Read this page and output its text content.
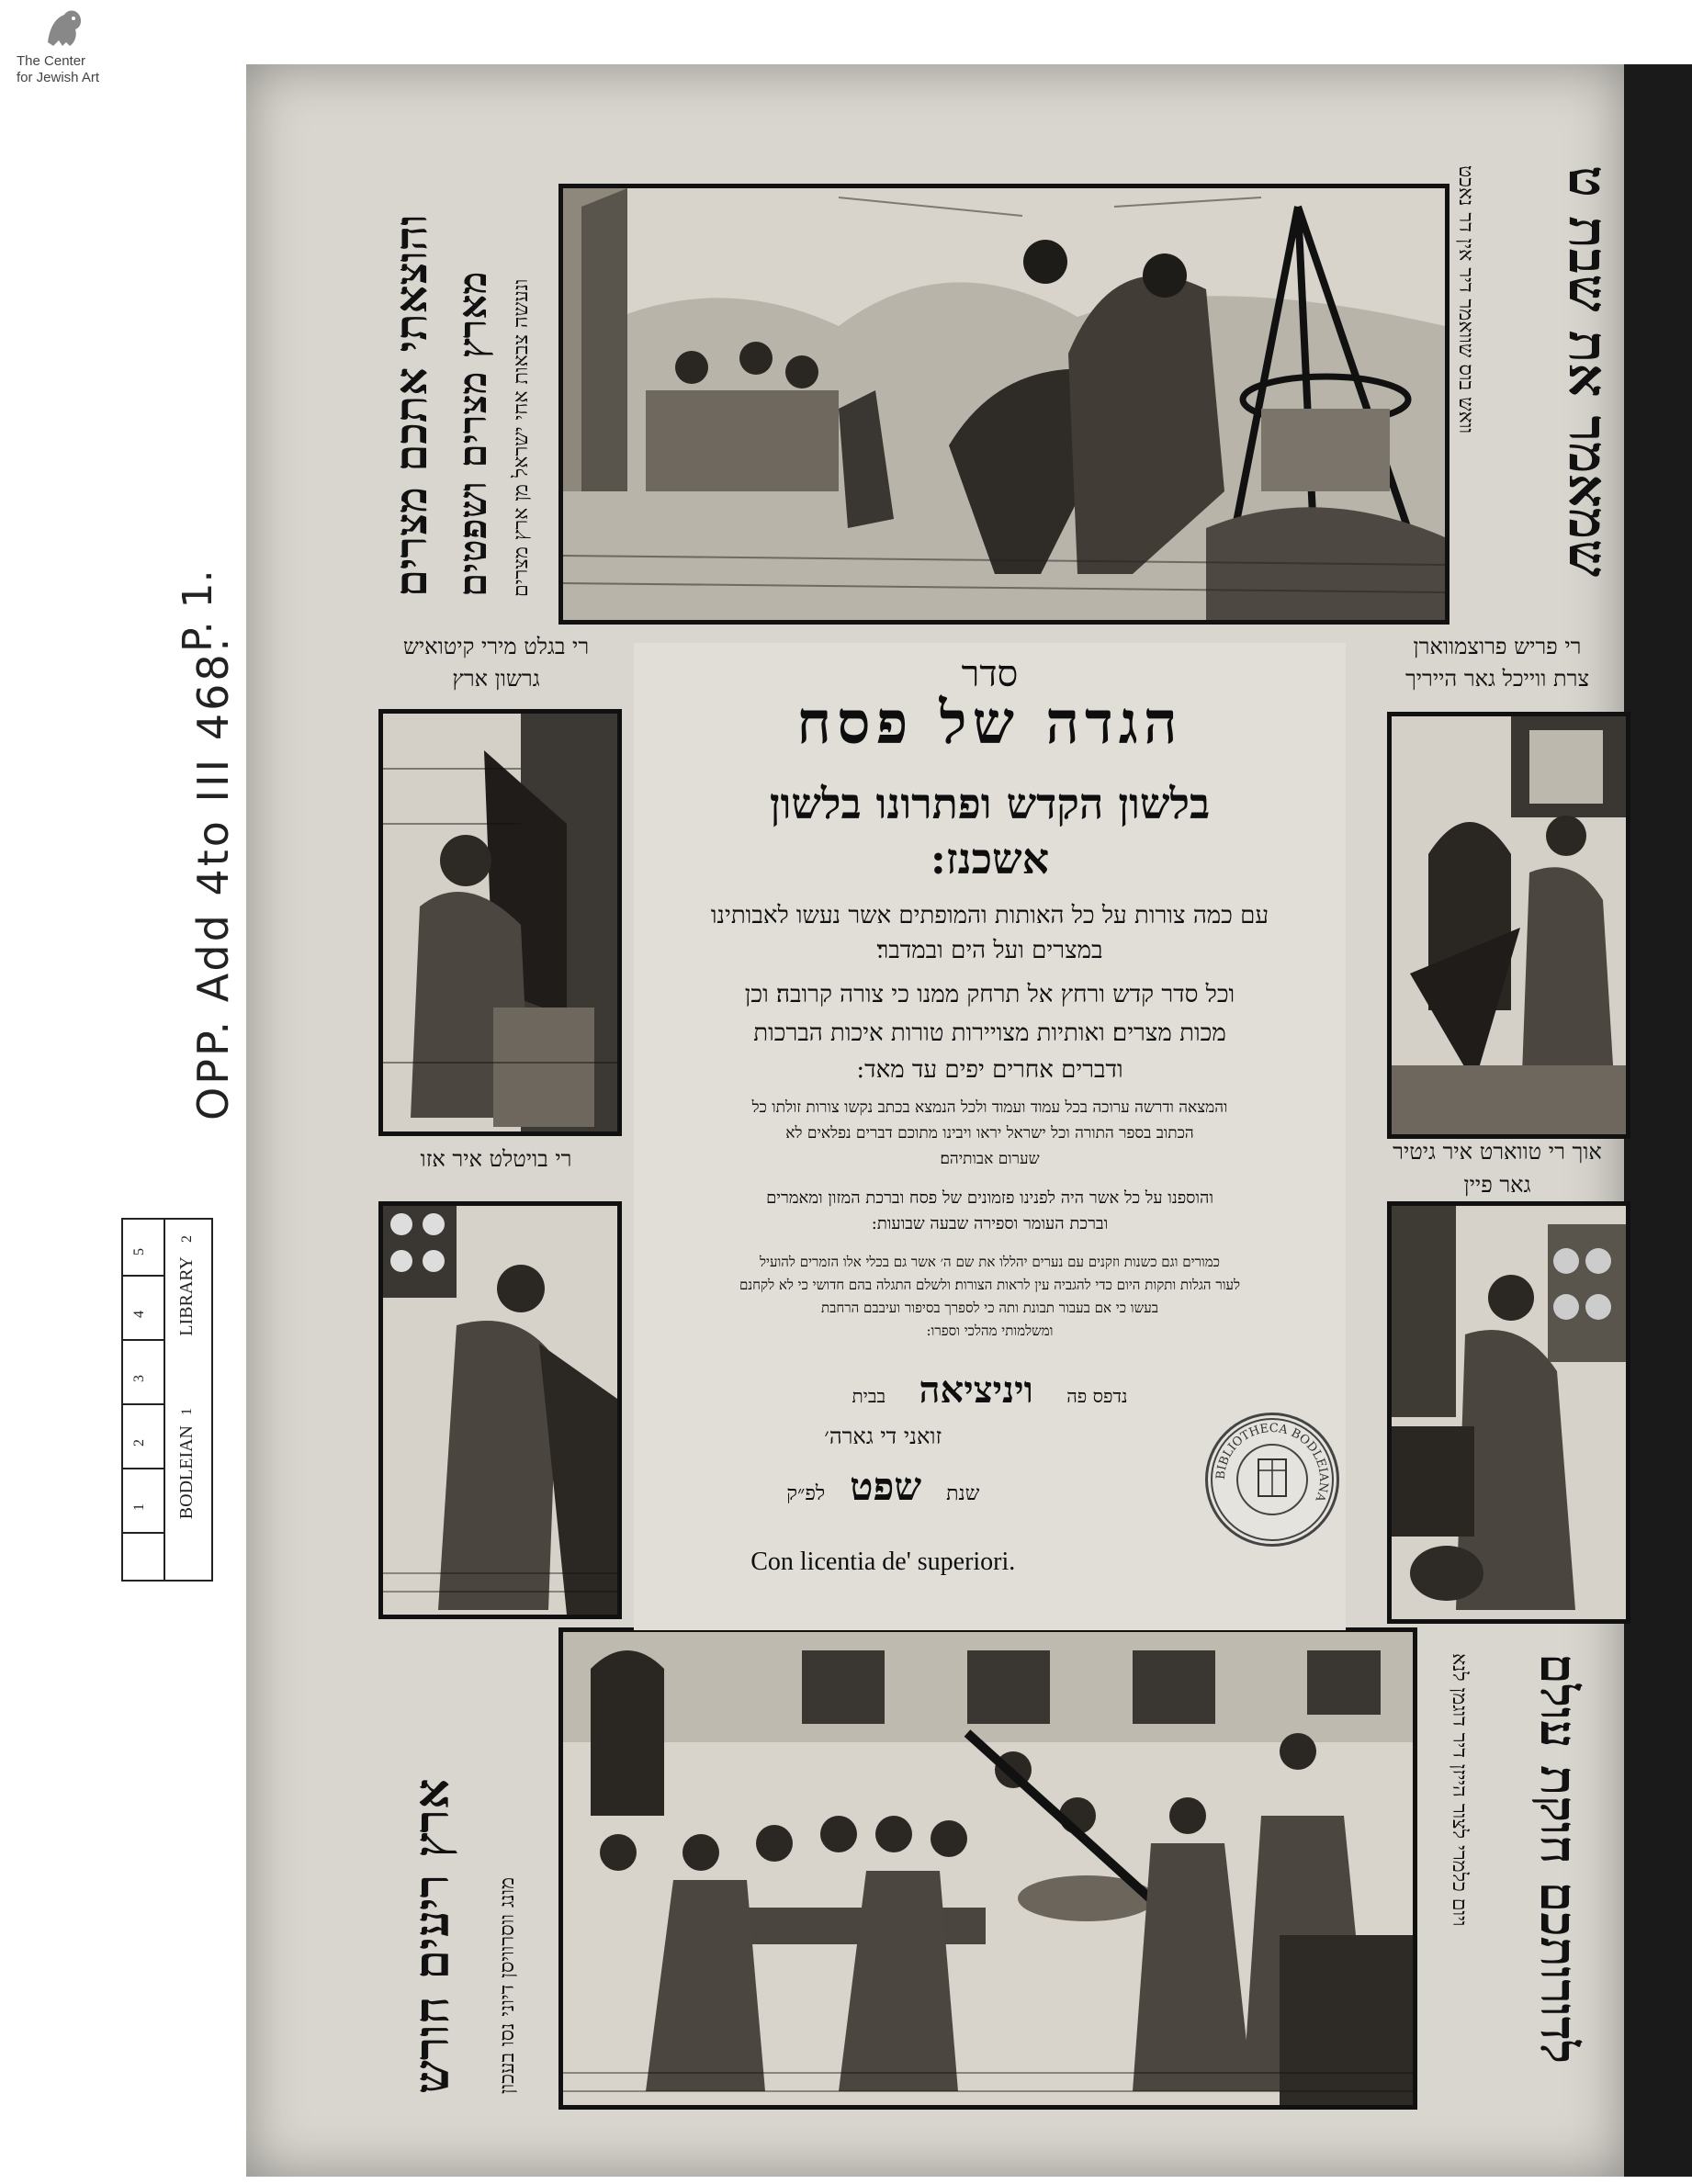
The Center
for Jewish Art
P. 1.
OPP. Add 4to III 468.
5
4
3
2
1
LIBRARY
BODLEIAN
2
1
שמאמר את שבת ט
וואש בוס שוואמר דיר אין דר נאכט
והוצאתי אתכם מצרים מארץ מצרים ושפטים ונעשה צבאות אחי ישראל מן ארץ מצרים
ארץ ריעים חורש מונג ווסרוויסן דיוני נסו בעכון	לדורותכם חוקת עולם
ויום כלמרי לצור הייזן דיר דוגמן לנא
רי פריש פרוצמווארן
צרת ווייכל גאר הייריך
רי בגלט מירי קיטואיש
גרשון ארץ
אוך רי טווארט איר גיטיר
גאר פיין
רי בויטלט איר אזו
סדר
הגדה של פסח
בלשון הקדש ופתרונו בלשון
אשכנז:
עם כמה צורות על כל האותות והמופתים אשר נעשו לאבותינו
במצרים ועל הים ובמדבר׃
וכל סדר קדש ורחץ אל תרחק ממנו כי צורה קרובה׃ וכן
מכות מצרים׃ ואותיות מצויירות טורות איכות הברכות
ודברים אחרים יפים עד מאד:
והמצאה ודרשה ערוכה בכל עמוד ועמוד ולכל הנמצא בכתב נקשו צורות זולתו כל
הכתוב בספר התורה וכל ישראל יראו ויבינו מתוכם דברים נפלאים לא
שערום אבותיהם׃
והוספנו על כל אשר היה לפנינו פזמונים של פסח וברכת המזון ומאמרים
וברכת העומר וספירה שבעה שבועות:
כמורים וגם כשנות וזקנים עם נערים יהללו את שם ה׳ אשר גם בכלי אלו הזמרים להועיל
לעור הגלות ותקות היום כדי להגביה עין לראות הצורות׃ ולשלם התגלה בהם חדושי כי לא לקחנם
בעשו כי אם בעבור תבונת ותה כי לספרך בסיפור ועיבבם הרחבת
ומשלמותי מהלכי וספרו:
נדפס פה ויניציאה בבית
זואני די גארה׳
שנת שפט לפ״ק
Con licentia de' superiori.
BIBLIOTHECA BODLEIANA
